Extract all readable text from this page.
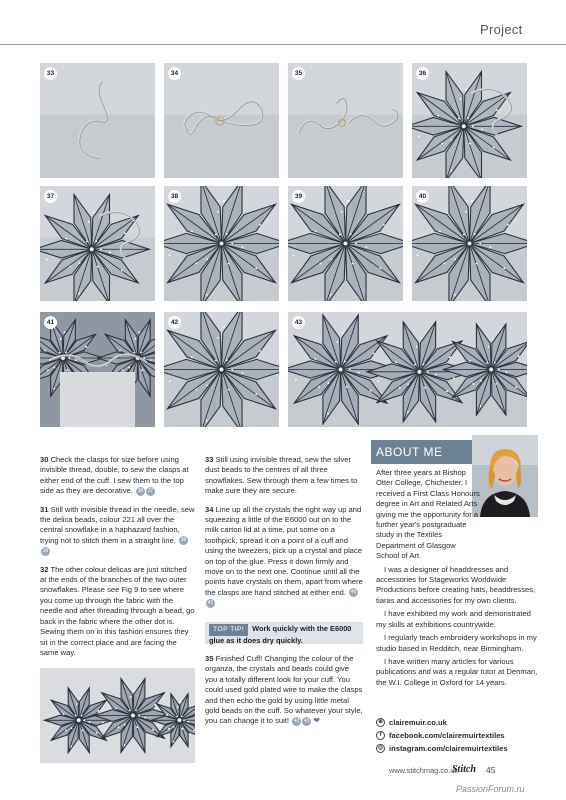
Project
33	34	35	36
37	38	39	40
41	42	43

30 Check the clasps for size before using invisible thread, double, to sew the clasps at either end of the cuff. I sew them to the top side as they are decorative. 36 37

31 Still with invisible thread in the needle, sew the delica beads, colour 221 all over the central snowflake in a haphazard fashion, trying not to stitch them in a straight line. 3839

32 The other colour delicas are just stitched at the ends of the branches of the two outer snowflakes. Please see Fig 9 to see where you come up through the fabric with the needle and after threading through a bead, go back in the fabric where the other dot is. Sewing them on in this fashion ensures they sit in the correct place and are facing the same way.

33 Still using invisible thread, sew the silver dust beads to the centres of all three snowflakes. Sew through them a few times to make sure they are secure.

34 Line up all the crystals the right way up and squeezing a little of the E6000 out on to the milk carton lid at a time, put some on a toothpick, spread it on a point of a cuff and using the tweezers, pick up a crystal and place on top of the glue. Press it down firmly and move on to the next one. Continue until all the points have crystals on them, apart from where the clasps are hand stitched at either end. 4041

TOP TIP! Work quickly with the E6000 glue as it does dry quickly.

35 Finished Cuff! Changing the colour of the organza, the crystals and beads could give you a totally different look for your cuff. You could used gold plated wire to make the clasps and then echo the gold by using little metal gold beads on the cuff. So whatever your style, you can change it to suit! 42 43 ❤

ABOUT ME

After three years at Bishop Otter College, Chichester, I received a First Class Honours degree in Art and Related Arts giving me the opportunity for a further year's postgraduate study in the Textiles Department of Glasgow School of Art.

I was a designer of headdresses and accessories for Stageworks Worldwide Productions before creating hats, headdresses, tiaras and accessories for my own clients.

I have exhibited my work and demonstrated my skills at exhibitions countrywide.

I regularly teach embroidery workshops in my studio based in Redditch, near Birmingham.

I have written many articles for various publications and was a regular tutor at Denman, the W.I. College in Oxford for 14 years.

⊕ clairemuir.co.uk
f facebook.com/clairemuirtextiles
◎ instagram.com/clairemuirtextiles
www.stitchmag.co.uk
Stitch 45
PassionForum.ru
